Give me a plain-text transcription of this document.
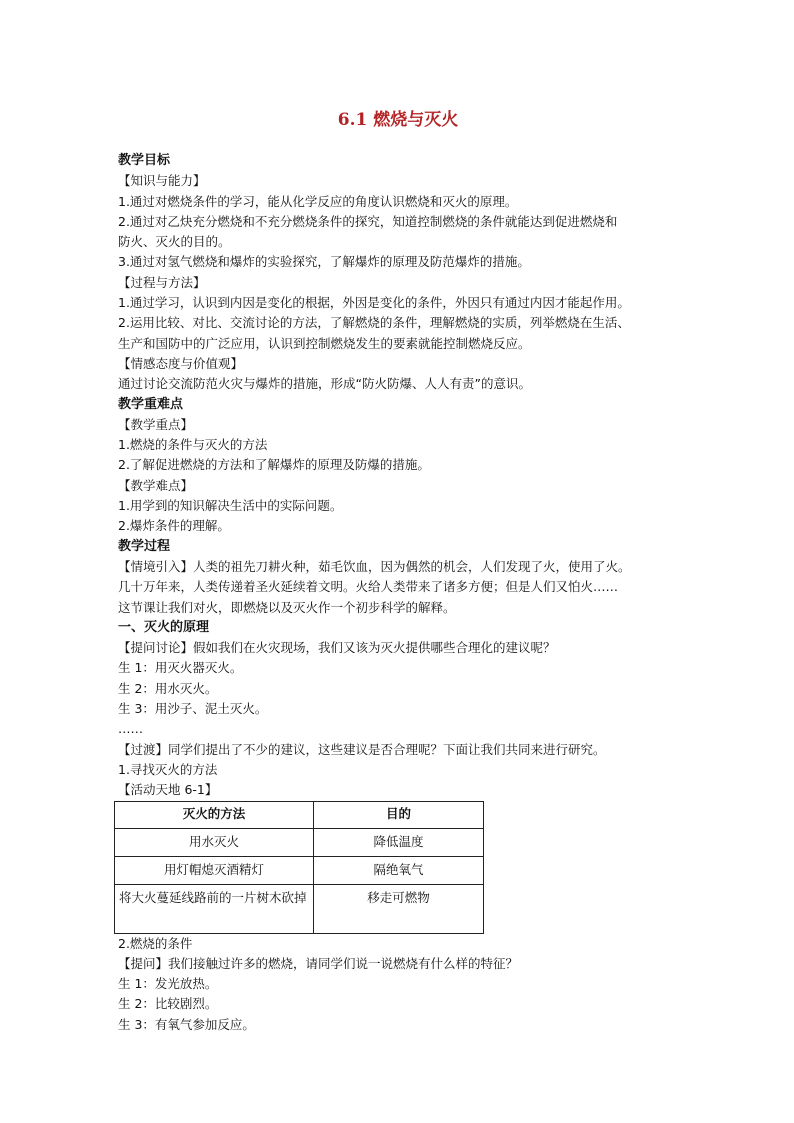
6.1 燃烧与灭火

教学目标

【知识与能力】

1.通过对燃烧条件的学习，能从化学反应的角度认识燃烧和灭火的原理。

2.通过对乙炔充分燃烧和不充分燃烧条件的探究，知道控制燃烧的条件就能达到促进燃烧和

防火、灭火的目的。

3.通过对氢气燃烧和爆炸的实验探究，了解爆炸的原理及防范爆炸的措施。

【过程与方法】

1.通过学习，认识到内因是变化的根据，外因是变化的条件，外因只有通过内因才能起作用。

2.运用比较、对比、交流讨论的方法，了解燃烧的条件，理解燃烧的实质，列举燃烧在生活、

生产和国防中的广泛应用，认识到控制燃烧发生的要素就能控制燃烧反应。

【情感态度与价值观】

通过讨论交流防范火灾与爆炸的措施，形成“防火防爆、人人有责”的意识。

教学重难点

【教学重点】

1.燃烧的条件与灭火的方法

2.了解促进燃烧的方法和了解爆炸的原理及防爆的措施。

【教学难点】

1.用学到的知识解决生活中的实际问题。

2.爆炸条件的理解。

教学过程

【情境引入】人类的祖先刀耕火种，茹毛饮血，因为偶然的机会，人们发现了火，使用了火。

几十万年来，人类传递着圣火延续着文明。火给人类带来了诸多方便；但是人们又怕火……

这节课让我们对火，即燃烧以及灭火作一个初步科学的解释。

一、灭火的原理

【提问讨论】假如我们在火灾现场，我们又该为灭火提供哪些合理化的建议呢？

生 1：用灭火器灭火。

生 2：用水灭火。

生 3：用沙子、泥土灭火。

……

【过渡】同学们提出了不少的建议，这些建议是否合理呢？下面让我们共同来进行研究。

1.寻找灭火的方法

【活动天地 6-1】

灭火的方法	目的
用水灭火	降低温度
用灯帽熄灭酒精灯	隔绝氧气
将大火蔓延线路前的一片树木砍掉	移走可燃物

2.燃烧的条件

【提问】我们接触过许多的燃烧，请同学们说一说燃烧有什么样的特征？

生 1：发光放热。

生 2：比较剧烈。

生 3：有氧气参加反应。
